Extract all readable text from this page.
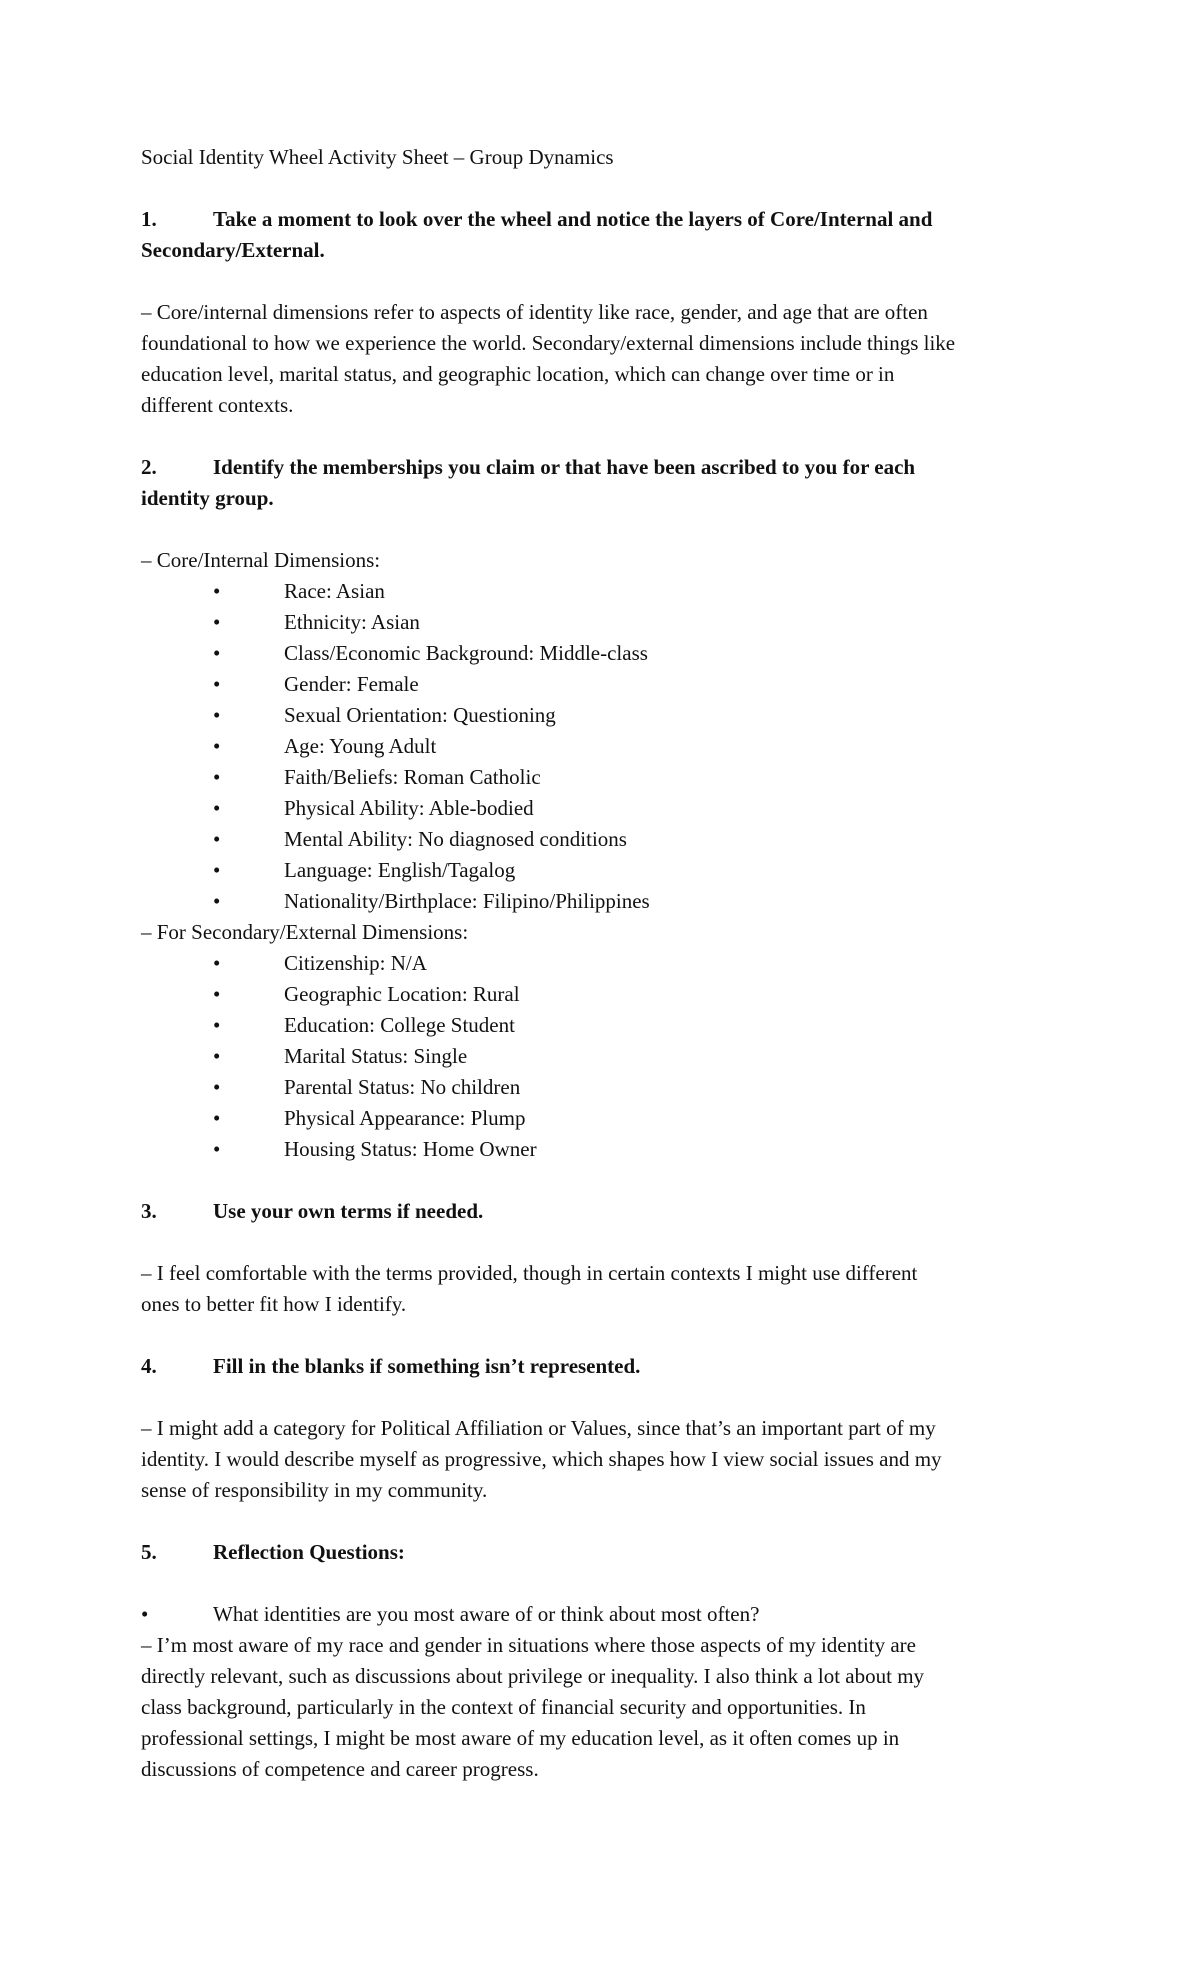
Social Identity Wheel Activity Sheet – Group Dynamics
1.	Take a moment to look over the wheel and notice the layers of Core/Internal and
Secondary/External.
– Core/internal dimensions refer to aspects of identity like race, gender, and age that are often
foundational to how we experience the world. Secondary/external dimensions include things like
education level, marital status, and geographic location, which can change over time or in
different contexts.
2.	Identify the memberships you claim or that have been ascribed to you for each
identity group.
– Core/Internal Dimensions:
•	Race: Asian
•	Ethnicity: Asian
•	Class/Economic Background: Middle-class
•	Gender: Female
•	Sexual Orientation: Questioning
•	Age: Young Adult
•	Faith/Beliefs: Roman Catholic
•	Physical Ability: Able-bodied
•	Mental Ability: No diagnosed conditions
•	Language: English/Tagalog
•	Nationality/Birthplace: Filipino/Philippines
– For Secondary/External Dimensions:
•	Citizenship: N/A
•	Geographic Location: Rural
•	Education: College Student
•	Marital Status: Single
•	Parental Status: No children
•	Physical Appearance: Plump
•	Housing Status: Home Owner
3.	Use your own terms if needed.
– I feel comfortable with the terms provided, though in certain contexts I might use different
ones to better fit how I identify.
4.	Fill in the blanks if something isn’t represented.
– I might add a category for Political Affiliation or Values, since that’s an important part of my
identity. I would describe myself as progressive, which shapes how I view social issues and my
sense of responsibility in my community.
5.	Reflection Questions:
•	What identities are you most aware of or think about most often?
– I’m most aware of my race and gender in situations where those aspects of my identity are
directly relevant, such as discussions about privilege or inequality. I also think a lot about my
class background, particularly in the context of financial security and opportunities. In
professional settings, I might be most aware of my education level, as it often comes up in
discussions of competence and career progress.
